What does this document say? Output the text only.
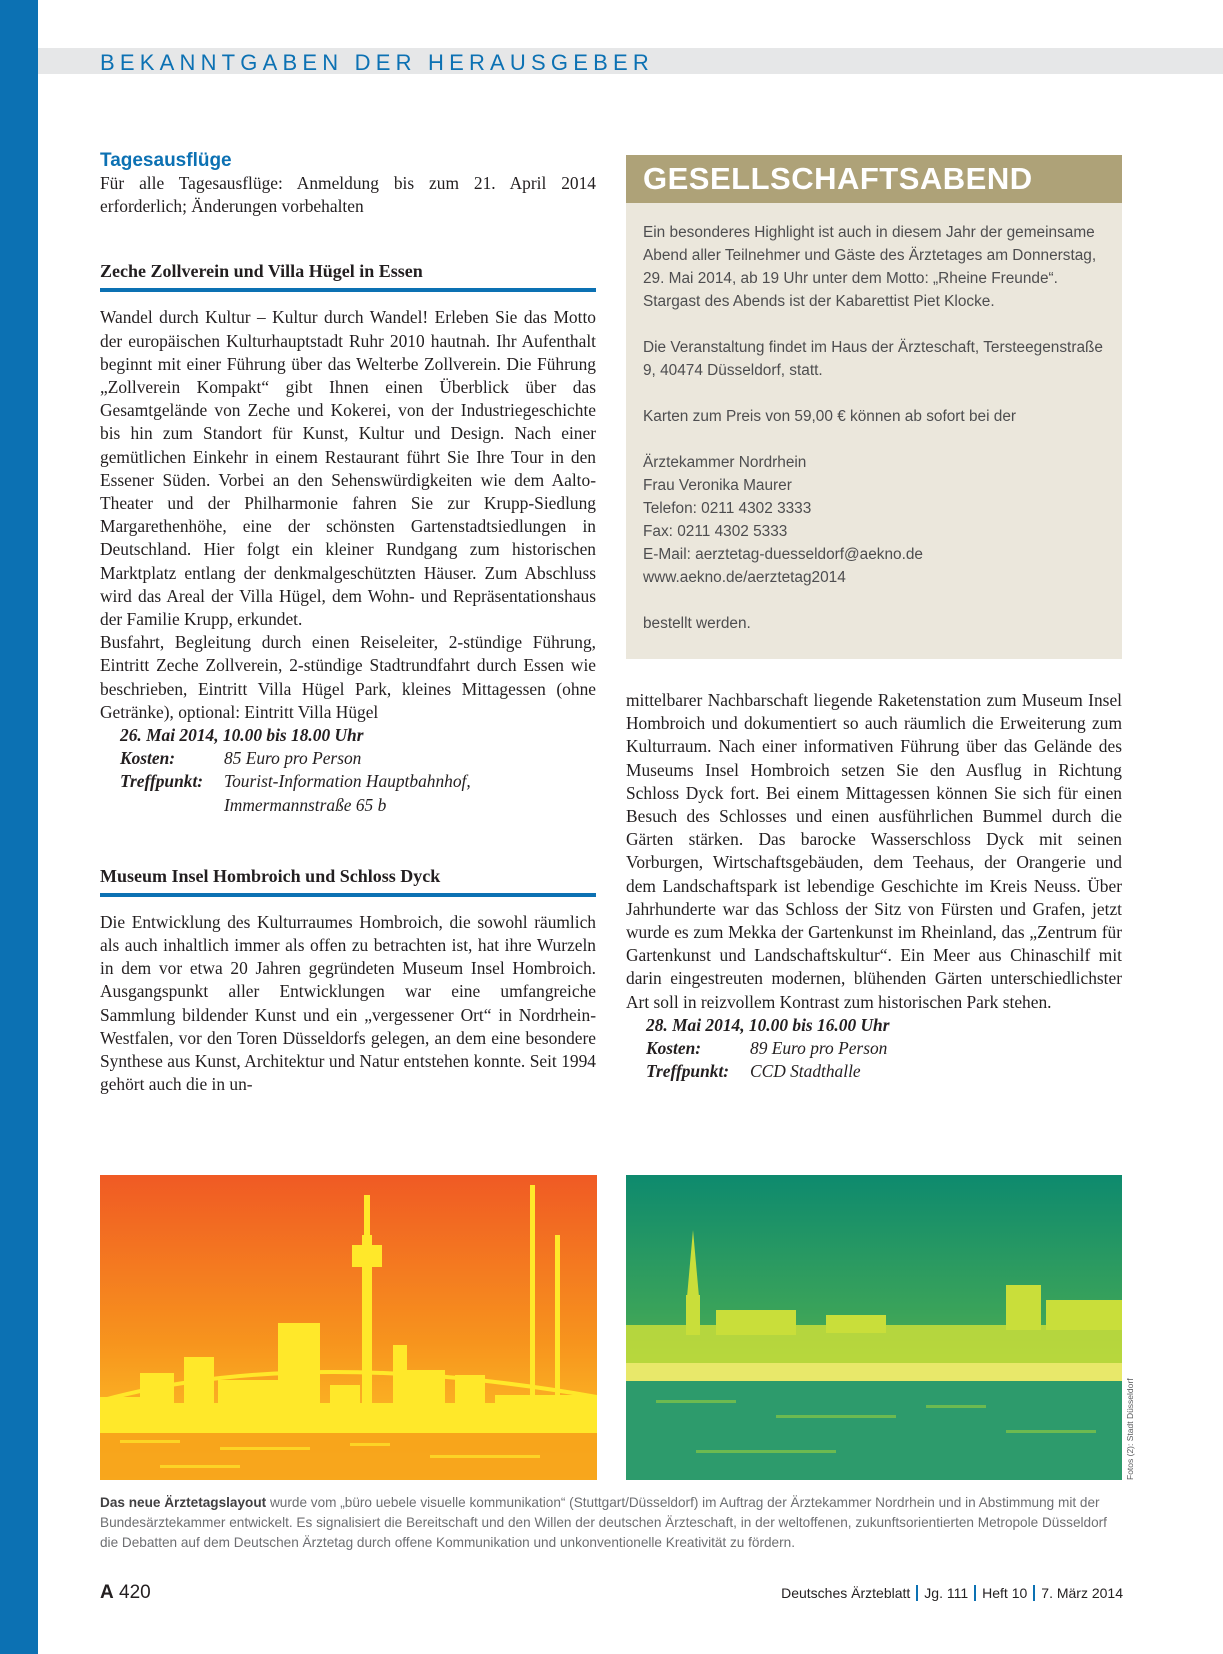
BEKANNTGABEN DER HERAUSGEBER
Tagesausflüge

Für alle Tagesausflüge: Anmeldung bis zum 21. April 2014 erforderlich; Änderungen vorbehalten

Zeche Zollverein und Villa Hügel in Essen

Wandel durch Kultur – Kultur durch Wandel! Erleben Sie das Motto der europäischen Kulturhauptstadt Ruhr 2010 hautnah. Ihr Aufenthalt beginnt mit einer Führung über das Welterbe Zollverein. Die Führung „Zollverein Kompakt“ gibt Ihnen einen Überblick über das Gesamtgelände von Zeche und Kokerei, von der Industriegeschichte bis hin zum Standort für Kunst, Kultur und Design. Nach einer gemütlichen Einkehr in einem Restaurant führt Sie Ihre Tour in den Essener Süden. Vorbei an den Sehenswürdigkeiten wie dem Aalto-Theater und der Philharmonie fahren Sie zur Krupp-Siedlung Margarethenhöhe, eine der schönsten Gartenstadtsiedlungen in Deutschland. Hier folgt ein kleiner Rundgang zum historischen Marktplatz entlang der denkmalgeschützten Häuser. Zum Abschluss wird das Areal der Villa Hügel, dem Wohn- und Repräsentationshaus der Familie Krupp, erkundet.

Busfahrt, Begleitung durch einen Reiseleiter, 2-stündige Führung, Eintritt Zeche Zollverein, 2-stündige Stadtrundfahrt durch Essen wie beschrieben, Eintritt Villa Hügel Park, kleines Mittagessen (ohne Getränke), optional: Eintritt Villa Hügel

26. Mai 2014, 10.00 bis 18.00 Uhr
Kosten:	85 Euro pro Person
Treffpunkt:	Tourist-Information Hauptbahnhof,
Immermannstraße 65 b
Museum Insel Hombroich und Schloss Dyck

Die Entwicklung des Kulturraumes Hombroich, die sowohl räumlich als auch inhaltlich immer als offen zu betrachten ist, hat ihre Wurzeln in dem vor etwa 20 Jahren gegründeten Museum Insel Hombroich. Ausgangspunkt aller Entwicklungen war eine umfangreiche Sammlung bildender Kunst und ein „vergessener Ort“ in Nordrhein-Westfalen, vor den Toren Düsseldorfs gelegen, an dem eine besondere Synthese aus Kunst, Architektur und Natur entstehen konnte. Seit 1994 gehört auch die in un-

GESELLSCHAFTSABEND

Ein besonderes Highlight ist auch in diesem Jahr der gemeinsame Abend aller Teilnehmer und Gäste des Ärztetages am Donnerstag, 29. Mai 2014, ab 19 Uhr unter dem Motto: „Rheine Freunde“. Stargast des Abends ist der Kabarettist Piet Klocke.

Die Veranstaltung findet im Haus der Ärzteschaft, Tersteegenstraße 9, 40474 Düsseldorf, statt.

Karten zum Preis von 59,00 € können ab sofort bei der

Ärztekammer Nordrhein
Frau Veronika Maurer
Telefon: 0211 4302 3333
Fax: 0211 4302 5333
E-Mail: aerztetag-duesseldorf@aekno.de
www.aekno.de/aerztetag2014

bestellt werden.

mittelbarer Nachbarschaft liegende Raketenstation zum Museum Insel Hombroich und dokumentiert so auch räumlich die Erweiterung zum Kulturraum. Nach einer informativen Führung über das Gelände des Museums Insel Hombroich setzen Sie den Ausflug in Richtung Schloss Dyck fort. Bei einem Mittagessen können Sie sich für einen Besuch des Schlosses und einen ausführlichen Bummel durch die Gärten stärken. Das barocke Wasserschloss Dyck mit seinen Vorburgen, Wirtschaftsgebäuden, dem Teehaus, der Orangerie und dem Landschaftspark ist lebendige Geschichte im Kreis Neuss. Über Jahrhunderte war das Schloss der Sitz von Fürsten und Grafen, jetzt wurde es zum Mekka der Gartenkunst im Rheinland, das „Zentrum für Gartenkunst und Landschaftskultur“. Ein Meer aus Chinaschilf mit darin eingestreuten modernen, blühenden Gärten unterschiedlichster Art soll in reizvollem Kontrast zum historischen Park stehen.

28. Mai 2014, 10.00 bis 16.00 Uhr
Kosten:	89 Euro pro Person
Treffpunkt:	CCD Stadthalle
Fotos (2): Stadt Düsseldorf
Das neue Ärztetagslayout wurde vom „büro uebele visuelle kommunikation“ (Stuttgart/Düsseldorf) im Auftrag der Ärztekammer Nordrhein und in Abstimmung mit der Bundesärztekammer entwickelt. Es signalisiert die Bereitschaft und den Willen der deutschen Ärzteschaft, in der weltoffenen, zukunftsorientierten Metropole Düsseldorf die Debatten auf dem Deutschen Ärztetag durch offene Kommunikation und unkonventionelle Kreativität zu fördern.
A 420	Deutsches Ärzteblatt Jg. 111 Heft 10 7. März 2014
